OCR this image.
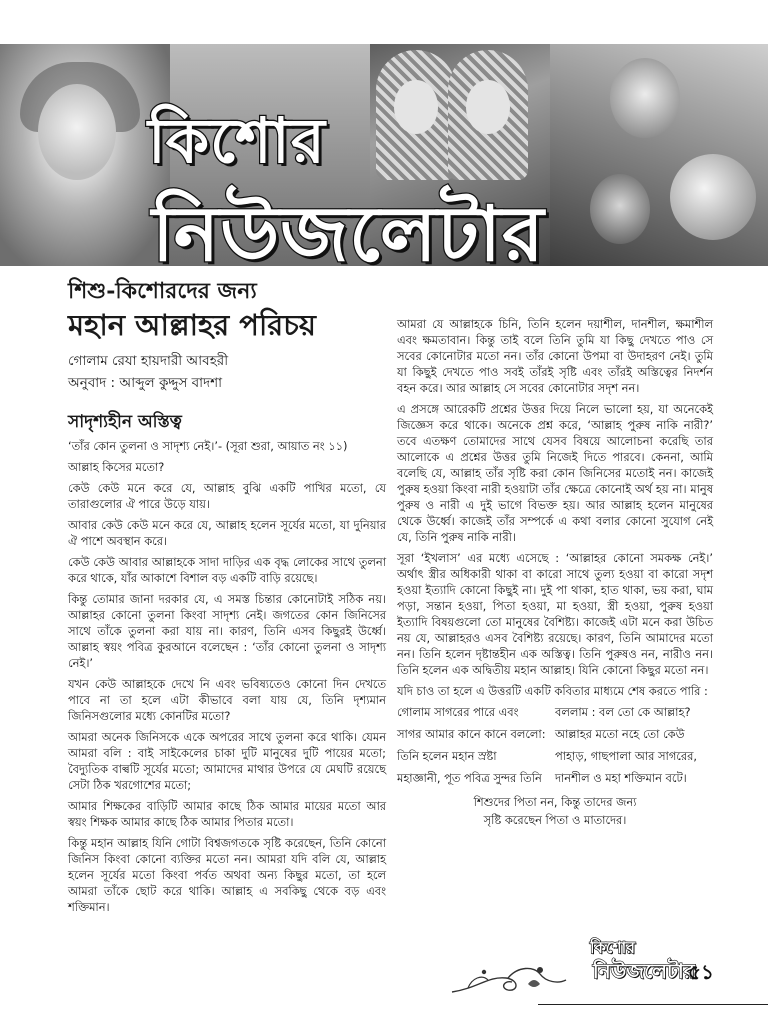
কিশোর
নিউজলেটার
শিশু-কিশোরদের জন্য
মহান আল্লাহর পরিচয়
গোলাম রেযা হায়দারী আবহরী
অনুবাদ : আব্দুল কুদ্দুস বাদশা
সাদৃশ্যহীন অস্তিত্ব

‘তাঁর কোন তুলনা ও সাদৃশ্য নেই।’- (সূরা শুরা, আয়াত নং ১১)

আল্লাহ কিসের মতো?

কেউ কেউ মনে করে যে, আল্লাহ বুঝি একটি পাখির মতো, যে তারাগুলোর ঐ পারে উড়ে যায়।

আবার কেউ কেউ মনে করে যে, আল্লাহ হলেন সূর্যের মতো, যা দুনিয়ার ঐ পাশে অবস্থান করে।

কেউ কেউ আবার আল্লাহকে সাদা দাড়ির এক বৃদ্ধ লোকের সাথে তুলনা করে থাকে, যাঁর আকাশে বিশাল বড় একটি বাড়ি রয়েছে।

কিন্তু তোমার জানা দরকার যে, এ সমস্ত চিন্তার কোনোটাই সঠিক নয়। আল্লাহর কোনো তুলনা কিংবা সাদৃশ্য নেই। জগতের কোন জিনিসের সাথে তাঁকে তুলনা করা যায় না। কারণ, তিনি এসব কিছুরই উর্ধ্বে। আল্লাহ স্বয়ং পবিত্র কুরআনে বলেছেন : ‘তাঁর কোনো তুলনা ও সাদৃশ্য নেই।’

যখন কেউ আল্লাহকে দেখে নি এবং ভবিষ্যতেও কোনো দিন দেখতে পাবে না তা হলে এটা কীভাবে বলা যায় যে, তিনি দৃশ্যমান জিনিসগুলোর মধ্যে কোনটির মতো?

আমরা অনেক জিনিসকে একে অপরের সাথে তুলনা করে থাকি। যেমন আমরা বলি : বাই সাইকেলের চাকা দুটি মানুষের দুটি পায়ের মতো; বৈদ্যুতিক বাল্বটি সূর্যের মতো; আমাদের মাথার উপরে যে মেঘটি রয়েছে সেটা ঠিক খরগোশের মতো;

আমার শিক্ষকের বাড়িটি আমার কাছে ঠিক আমার মায়ের মতো আর স্বয়ং শিক্ষক আমার কাছে ঠিক আমার পিতার মতো।

কিন্তু মহান আল্লাহ যিনি গোটা বিশ্বজগতকে সৃষ্টি করেছেন, তিনি কোনো জিনিস কিংবা কোনো ব্যক্তির মতো নন। আমরা যদি বলি যে, আল্লাহ হলেন সূর্যের মতো কিংবা পর্বত অথবা অন্য কিছুর মতো, তা হলে আমরা তাঁকে ছোট করে থাকি। আল্লাহ এ সবকিছু থেকে বড় এবং শক্তিমান।

আমরা যে আল্লাহকে চিনি, তিনি হলেন দয়াশীল, দানশীল, ক্ষমাশীল এবং ক্ষমতাবান। কিন্তু তাই বলে তিনি তুমি যা কিছু দেখতে পাও সে সবের কোনোটার মতো নন। তাঁর কোনো উপমা বা উদাহরণ নেই। তুমি যা কিছুই দেখতে পাও সবই তাঁরই সৃষ্টি এবং তাঁরই অস্তিত্বের নিদর্শন বহন করে। আর আল্লাহ সে সবের কোনোটার সদৃশ নন।

এ প্রসঙ্গে আরেকটি প্রশ্নের উত্তর দিয়ে নিলে ভালো হয়, যা অনেকেই জিজ্ঞেস করে থাকে। অনেকে প্রশ্ন করে, ‘আল্লাহ পুরুষ নাকি নারী?’ তবে এতক্ষণ তোমাদের সাথে যেসব বিষয়ে আলোচনা করেছি তার আলোকে এ প্রশ্নের উত্তর তুমি নিজেই দিতে পারবে। কেননা, আমি বলেছি যে, আল্লাহ তাঁর সৃষ্টি করা কোন জিনিসের মতোই নন। কাজেই পুরুষ হওয়া কিংবা নারী হওয়াটা তাঁর ক্ষেত্রে কোনোই অর্থ হয় না। মানুষ পুরুষ ও নারী এ দুই ভাগে বিভক্ত হয়। আর আল্লাহ হলেন মানুষের থেকে উর্ধ্বে। কাজেই তাঁর সম্পর্কে এ কথা বলার কোনো সুযোগ নেই যে, তিনি পুরুষ নাকি নারী।

সূরা ‘ইখলাস’ এর মধ্যে এসেছে : ‘আল্লাহর কোনো সমকক্ষ নেই।’ অর্থাৎ স্ত্রীর অধিকারী থাকা বা কারো সাথে তুল্য হওয়া বা কারো সদৃশ হওয়া ইত্যাদি কোনো কিছুই না। দুই পা থাকা, হাত থাকা, ভয় করা, ঘাম পড়া, সন্তান হওয়া, পিতা হওয়া, মা হওয়া, স্ত্রী হওয়া, পুরুষ হওয়া ইত্যাদি বিষয়গুলো তো মানুষের বৈশিষ্ট্য। কাজেই এটা মনে করা উচিত নয় যে, আল্লাহরও এসব বৈশিষ্ট্য রয়েছে। কারণ, তিনি আমাদের মতো নন। তিনি হলেন দৃষ্টান্তহীন এক অস্তিত্ব। তিনি পুরুষও নন, নারীও নন। তিনি হলেন এক অদ্বিতীয় মহান আল্লাহ। যিনি কোনো কিছুর মতো নন।

যদি চাও তা হলে এ উত্তরটি একটি কবিতার মাধ্যমে শেষ করতে পারি :

গোলাম সাগরের পারে এবং	বললাম : বল তো কে আল্লাহ?
সাগর আমার কানে কানে বললো: আল্লাহর মতো নহে তো কেউ
তিনি হলেন মহান স্রষ্টা	পাহাড়, গাছপালা আর সাগরের,
মহাজ্ঞানী, পূত পবিত্র সুন্দর তিনি	দানশীল ও মহা শক্তিমান বটে।
শিশুদের পিতা নন, কিন্তু তাদের জন্য
সৃষ্টি করেছেন পিতা ও মাতাদের।
কিশোর
নিউজলেটার
৫১
